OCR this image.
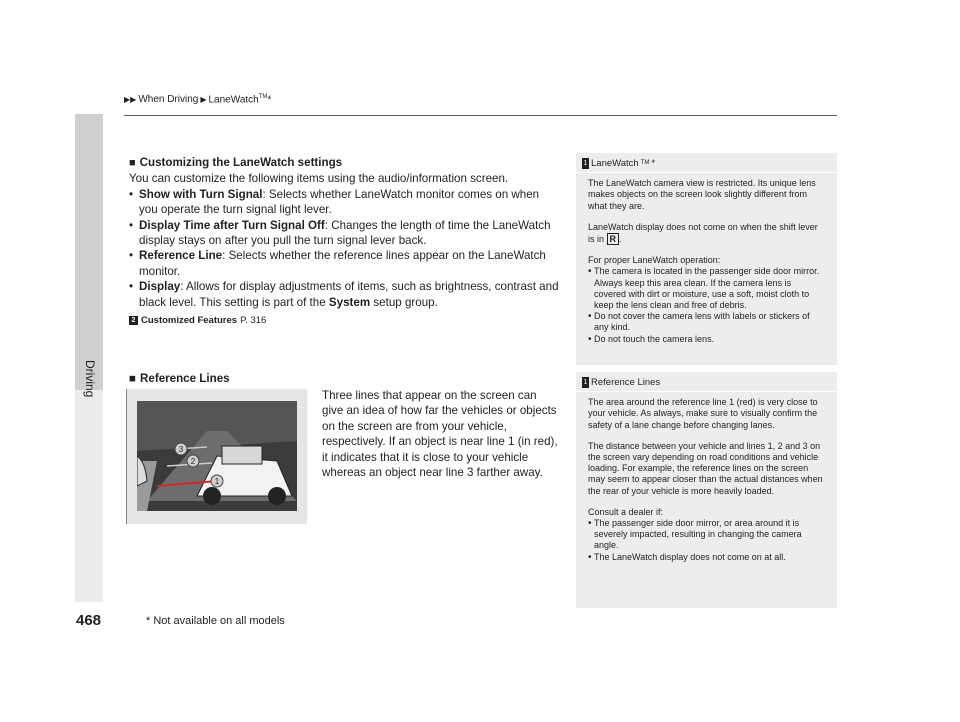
▶▶ When Driving ▶ LaneWatch™*
Driving
■ Customizing the LaneWatch settings

You can customize the following items using the audio/information screen.

• Show with Turn Signal: Selects whether LaneWatch monitor comes on when you operate the turn signal light lever.
• Display Time after Turn Signal Off: Changes the length of time the LaneWatch display stays on after you pull the turn signal lever back.
• Reference Line: Selects whether the reference lines appear on the LaneWatch monitor.
• Display: Allows for display adjustments of items, such as brightness, contrast and black level. This setting is part of the System setup group.
2 Customized Features P. 316
■ Reference Lines
3
2
1

Three lines that appear on the screen can give an idea of how far the vehicles or objects on the screen are from your vehicle, respectively. If an object is near line 1 (in red), it indicates that it is close to your vehicle whereas an object near line 3 farther away.

1 LaneWatch TM *

The LaneWatch camera view is restricted. Its unique lens makes objects on the screen look slightly different from what they are.

LaneWatch display does not come on when the shift lever is in R .

For proper LaneWatch operation:
• The camera is located in the passenger side door mirror. Always keep this area clean. If the camera lens is covered with dirt or moisture, use a soft, moist cloth to keep the lens clean and free of debris.
• Do not cover the camera lens with labels or stickers of any kind.
• Do not touch the camera lens.
1 Reference Lines

The area around the reference line 1 (red) is very close to your vehicle. As always, make sure to visually confirm the safety of a lane change before changing lanes.

The distance between your vehicle and lines 1, 2 and 3 on the screen vary depending on road conditions and vehicle loading. For example, the reference lines on the screen may seem to appear closer than the actual distances when the rear of your vehicle is more heavily loaded.

Consult a dealer if:
• The passenger side door mirror, or area around it is severely impacted, resulting in changing the camera angle.
• The LaneWatch display does not come on at all.
468	* Not available on all models
